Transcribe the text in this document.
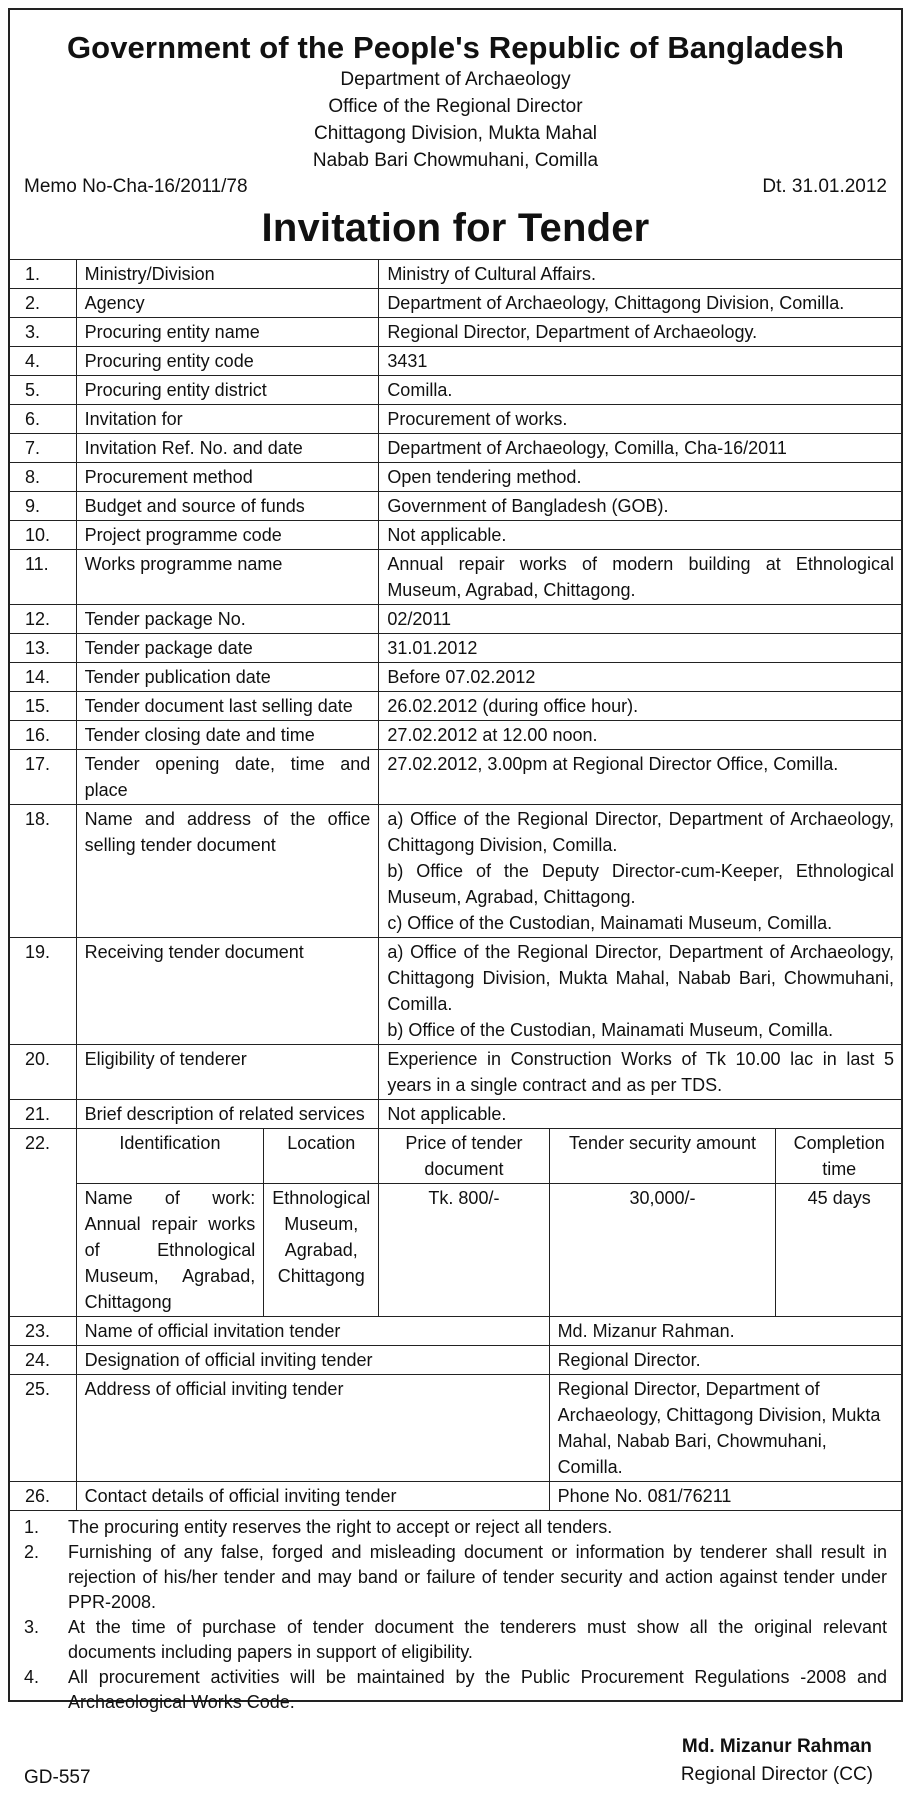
Government of the People's Republic of Bangladesh
Department of Archaeology
Office of the Regional Director
Chittagong Division, Mukta Mahal
Nabab Bari Chowmuhani, Comilla
Memo No-Cha-16/2011/78	Dt. 31.01.2012
Invitation for Tender
1.	Ministry/Division		Ministry of Cultural Affairs.		
2.	Agency		Department of Archaeology, Chittagong Division, Comilla.		
3.	Procuring entity name		Regional Director, Department of Archaeology.		
4.	Procuring entity code		3431		
5.	Procuring entity district		Comilla.		
6.	Invitation for		Procurement of works.		
7.	Invitation Ref. No. and date		Department of Archaeology, Comilla, Cha-16/2011		
8.	Procurement method		Open tendering method.		
9.	Budget and source of funds		Government of Bangladesh (GOB).		
10.	Project programme code		Not applicable.		
11.	Works programme name		Annual repair works of modern building at Ethnological Museum, Agrabad, Chittagong.		
12.	Tender package No.		02/2011		
13.	Tender package date		31.01.2012		
14.	Tender publication date		Before 07.02.2012		
15.	Tender document last selling date		26.02.2012 (during office hour).		
16.	Tender closing date and time		27.02.2012 at 12.00 noon.		
17.	Tender opening date, time and place		27.02.2012, 3.00pm at Regional Director Office, Comilla.		
18.	Name and address of the office selling tender document		a) Office of the Regional Director, Department of Archaeology, Chittagong Division, Comilla.
b) Office of the Deputy Director-cum-Keeper, Ethnological Museum, Agrabad, Chittagong.
c) Office of the Custodian, Mainamati Museum, Comilla.		

19.	Receiving tender document		a) Office of the Regional Director, Department of Archaeology, Chittagong Division, Mukta Mahal, Nabab Bari, Chowmuhani, Comilla.
b) Office of the Custodian, Mainamati Museum, Comilla.		

20.	Eligibility of tenderer		Experience in Construction Works of Tk 10.00 lac in last 5 years in a single contract and as per TDS.		
21.	Brief description of related services		Not applicable.		
22.	Identification	Location	Price of tender document	Tender security amount	Completion time
	Name of work: Annual repair works of Ethnological Museum, Agrabad, Chittagong	Ethnological Museum, Agrabad, Chittagong	Tk. 800/-	30,000/-	45 days
23.	Name of official invitation tender			Md. Mizanur Rahman.	
24.	Designation of official inviting tender			Regional Director.	
25.	Address of official inviting tender			Regional Director, Department of Archaeology, Chittagong Division, Mukta Mahal, Nabab Bari, Chowmuhani, Comilla.	
26.	Contact details of official inviting tender			Phone No. 081/76211	
1.	The procuring entity reserves the right to accept or reject all tenders.
2.	Furnishing of any false, forged and misleading document or information by tenderer shall result in rejection of his/her tender and may band or failure of tender security and action against tender under PPR-2008.
3.	At the time of purchase of tender document the tenderers must show all the original relevant documents including papers in support of eligibility.
4.	All procurement activities will be maintained by the Public Procurement Regulations -2008 and Archaeological Works Code.
GD-557
Md. Mizanur Rahman
Regional Director (CC)
